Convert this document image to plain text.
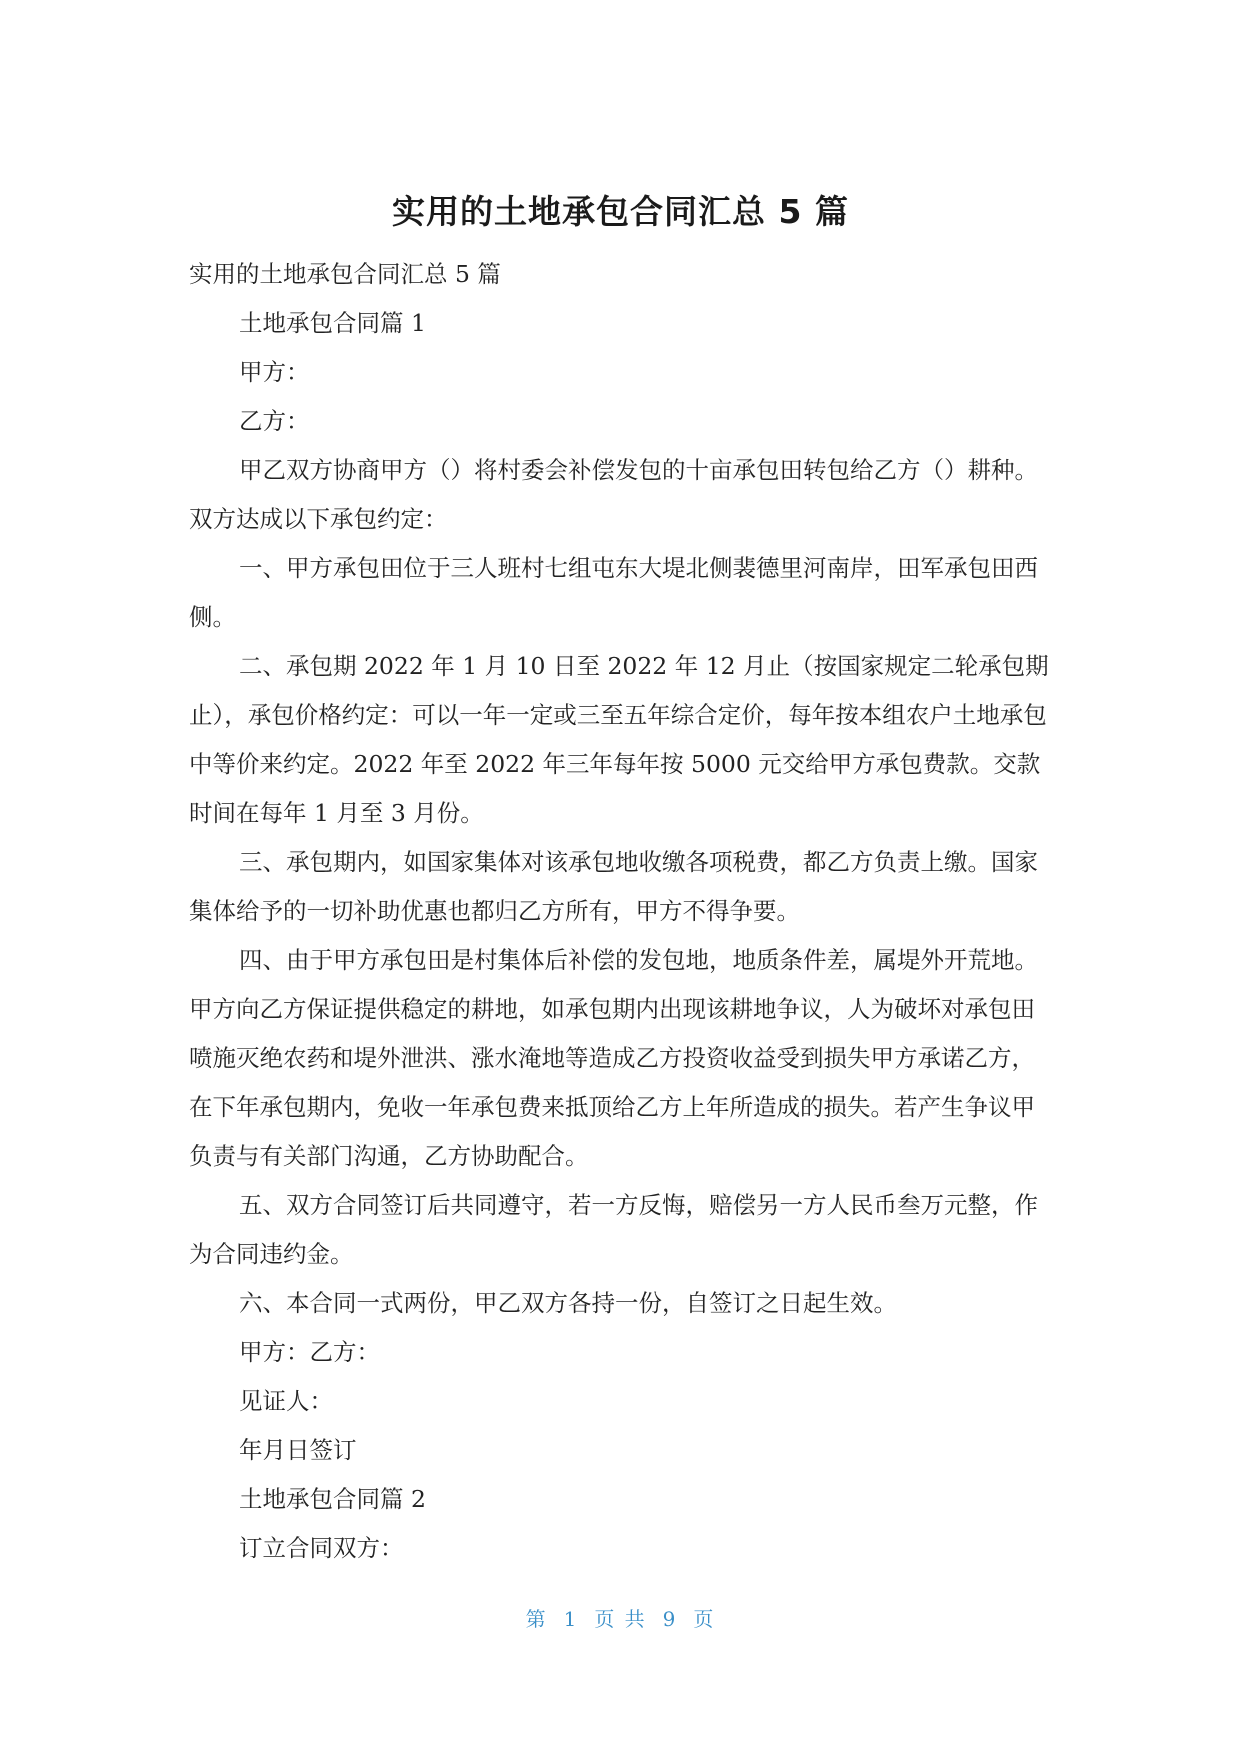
实用的土地承包合同汇总 5 篇

实用的土地承包合同汇总 5 篇

土地承包合同篇 1

甲方：

乙方：

甲乙双方协商甲方（）将村委会补偿发包的十亩承包田转包给乙方（）耕种。双方达成以下承包约定：

一、甲方承包田位于三人班村七组屯东大堤北侧裴德里河南岸，田军承包田西侧。

二、承包期 2022 年 1 月 10 日至 2022 年 12 月止（按国家规定二轮承包期止），承包价格约定：可以一年一定或三至五年综合定价，每年按本组农户土地承包中等价来约定。2022 年至 2022 年三年每年按 5000 元交给甲方承包费款。交款时间在每年 1 月至 3 月份。

三、承包期内，如国家集体对该承包地收缴各项税费，都乙方负责上缴。国家集体给予的一切补助优惠也都归乙方所有，甲方不得争要。

四、由于甲方承包田是村集体后补偿的发包地，地质条件差，属堤外开荒地。甲方向乙方保证提供稳定的耕地，如承包期内出现该耕地争议，人为破坏对承包田喷施灭绝农药和堤外泄洪、涨水淹地等造成乙方投资收益受到损失甲方承诺乙方，在下年承包期内，免收一年承包费来抵顶给乙方上年所造成的损失。若产生争议甲负责与有关部门沟通，乙方协助配合。

五、双方合同签订后共同遵守，若一方反悔，赔偿另一方人民币叁万元整，作为合同违约金。

六、本合同一式两份，甲乙双方各持一份，自签订之日起生效。

甲方：乙方：

见证人：

年月日签订

土地承包合同篇 2

订立合同双方：

第 1 页 共 9 页
